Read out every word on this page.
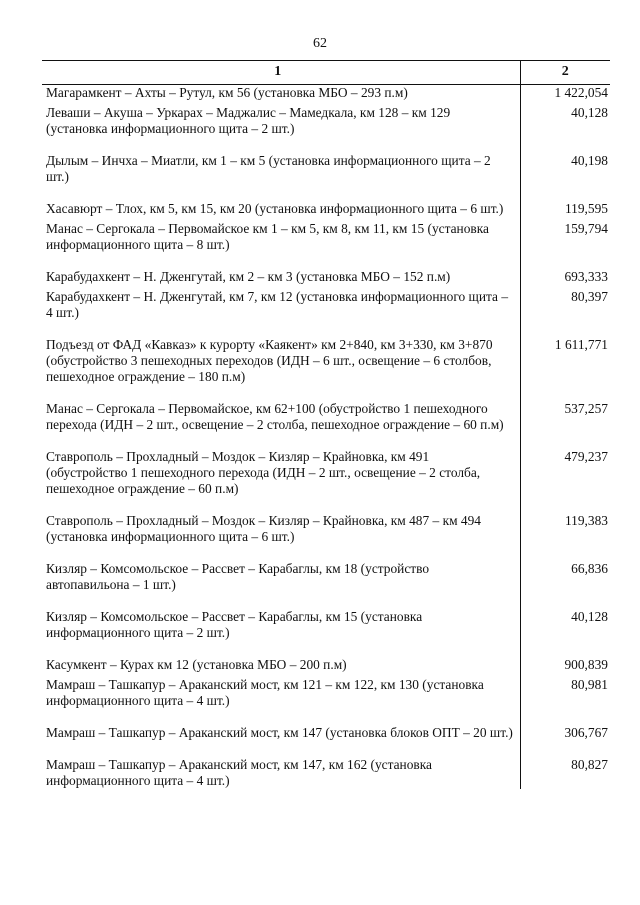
62
1	2
Магарамкент – Ахты – Рутул, км 56 (установка МБО – 293 п.м)	1 422,054
Леваши – Акуша – Уркарах – Маджалис – Мамедкала, км 128 – км 129 (установка информационного щита – 2 шт.)	40,128
Дылым – Инчха – Миатли, км 1 – км 5 (установка информационного щита – 2 шт.)	40,198
Хасавюрт – Тлох, км 5, км 15, км 20 (установка информационного щита – 6 шт.)	119,595
Манас – Сергокала – Первомайское км 1 – км 5, км 8, км 11, км 15 (установка информационного щита – 8 шт.)	159,794
Карабудахкент – Н. Дженгутай, км 2 – км 3 (установка МБО – 152 п.м)	693,333
Карабудахкент – Н. Дженгутай, км 7, км 12 (установка информационного щита – 4 шт.)	80,397
Подъезд от ФАД «Кавказ» к курорту «Каякент» км 2+840, км 3+330, км 3+870 (обустройство 3 пешеходных переходов (ИДН – 6 шт., освещение – 6 столбов, пешеходное ограждение – 180 п.м)	1 611,771
Манас – Сергокала – Первомайское, км 62+100 (обустройство 1 пешеходного перехода (ИДН – 2 шт., освещение – 2 столба, пешеходное ограждение – 60 п.м)	537,257
Ставрополь – Прохладный – Моздок – Кизляр – Крайновка, км 491 (обустройство 1 пешеходного перехода (ИДН – 2 шт., освещение – 2 столба, пешеходное ограждение – 60 п.м)	479,237
Ставрополь – Прохладный – Моздок – Кизляр – Крайновка, км 487 – км 494 (установка информационного щита – 6 шт.)	119,383
Кизляр – Комсомольское – Рассвет – Карабаглы, км 18 (устройство автопавильона – 1 шт.)	66,836
Кизляр – Комсомольское – Рассвет – Карабаглы, км 15 (установка информационного щита – 2 шт.)	40,128
Касумкент – Курах км 12 (установка МБО – 200 п.м)	900,839
Мамраш – Ташкапур – Араканский мост, км 121 – км 122, км 130 (установка информационного щита – 4 шт.)	80,981
Мамраш – Ташкапур – Араканский мост, км 147 (установка блоков ОПТ – 20 шт.)	306,767
Мамраш – Ташкапур – Араканский мост, км 147, км 162 (установка информационного щита – 4 шт.)	80,827
